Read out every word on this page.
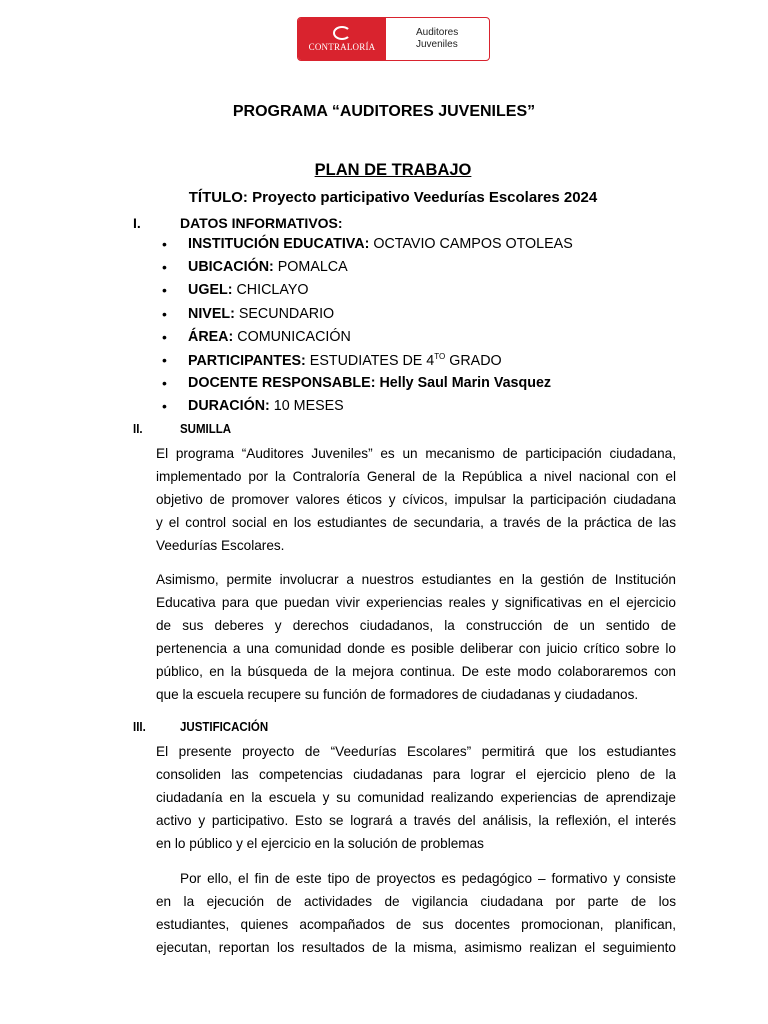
CONTRALORÍA
Auditores
Juveniles
PROGRAMA “AUDITORES JUVENILES”
PLAN DE TRABAJO
TÍTULO: Proyecto participativo Veedurías Escolares 2024
I.	DATOS INFORMATIVOS:
• INSTITUCIÓN EDUCATIVA: OCTAVIO CAMPOS OTOLEAS
• UBICACIÓN: POMALCA
• UGEL: CHICLAYO
• NIVEL: SECUNDARIO
• ÁREA: COMUNICACIÓN
• PARTICIPANTES: ESTUDIATES DE $4^{TO}$ GRADO
• DOCENTE RESPONSABLE: Helly Saul Marin Vasquez
• DURACIÓN: 10 MESES
II.	SUMILLA

El programa “Auditores Juveniles” es un mecanismo de participación ciudadana,
implementado por la Contraloría General de la República a nivel nacional con el
objetivo de promover valores éticos y cívicos, impulsar la participación ciudadana
y el control social en los estudiantes de secundaria, a través de la práctica de las
Veedurías Escolares.

Asimismo, permite involucrar a nuestros estudiantes en la gestión de Institución
Educativa para que puedan vivir experiencias reales y significativas en el ejercicio
de sus deberes y derechos ciudadanos, la construcción de un sentido de
pertenencia a una comunidad donde es posible deliberar con juicio crítico sobre lo
público, en la búsqueda de la mejora continua. De este modo colaboraremos con
que la escuela recupere su función de formadores de ciudadanas y ciudadanos.

III.	JUSTIFICACIÓN

El presente proyecto de “Veedurías Escolares” permitirá que los estudiantes
consoliden las competencias ciudadanas para lograr el ejercicio pleno de la
ciudadanía en la escuela y su comunidad realizando experiencias de aprendizaje
activo y participativo. Esto se logrará a través del análisis, la reflexión, el interés
en lo público y el ejercicio en la solución de problemas

Por ello, el fin de este tipo de proyectos es pedagógico – formativo y consiste
en la ejecución de actividades de vigilancia ciudadana por parte de los
estudiantes, quienes acompañados de sus docentes promocionan, planifican,
ejecutan, reportan los resultados de la misma, asimismo realizan el seguimiento
